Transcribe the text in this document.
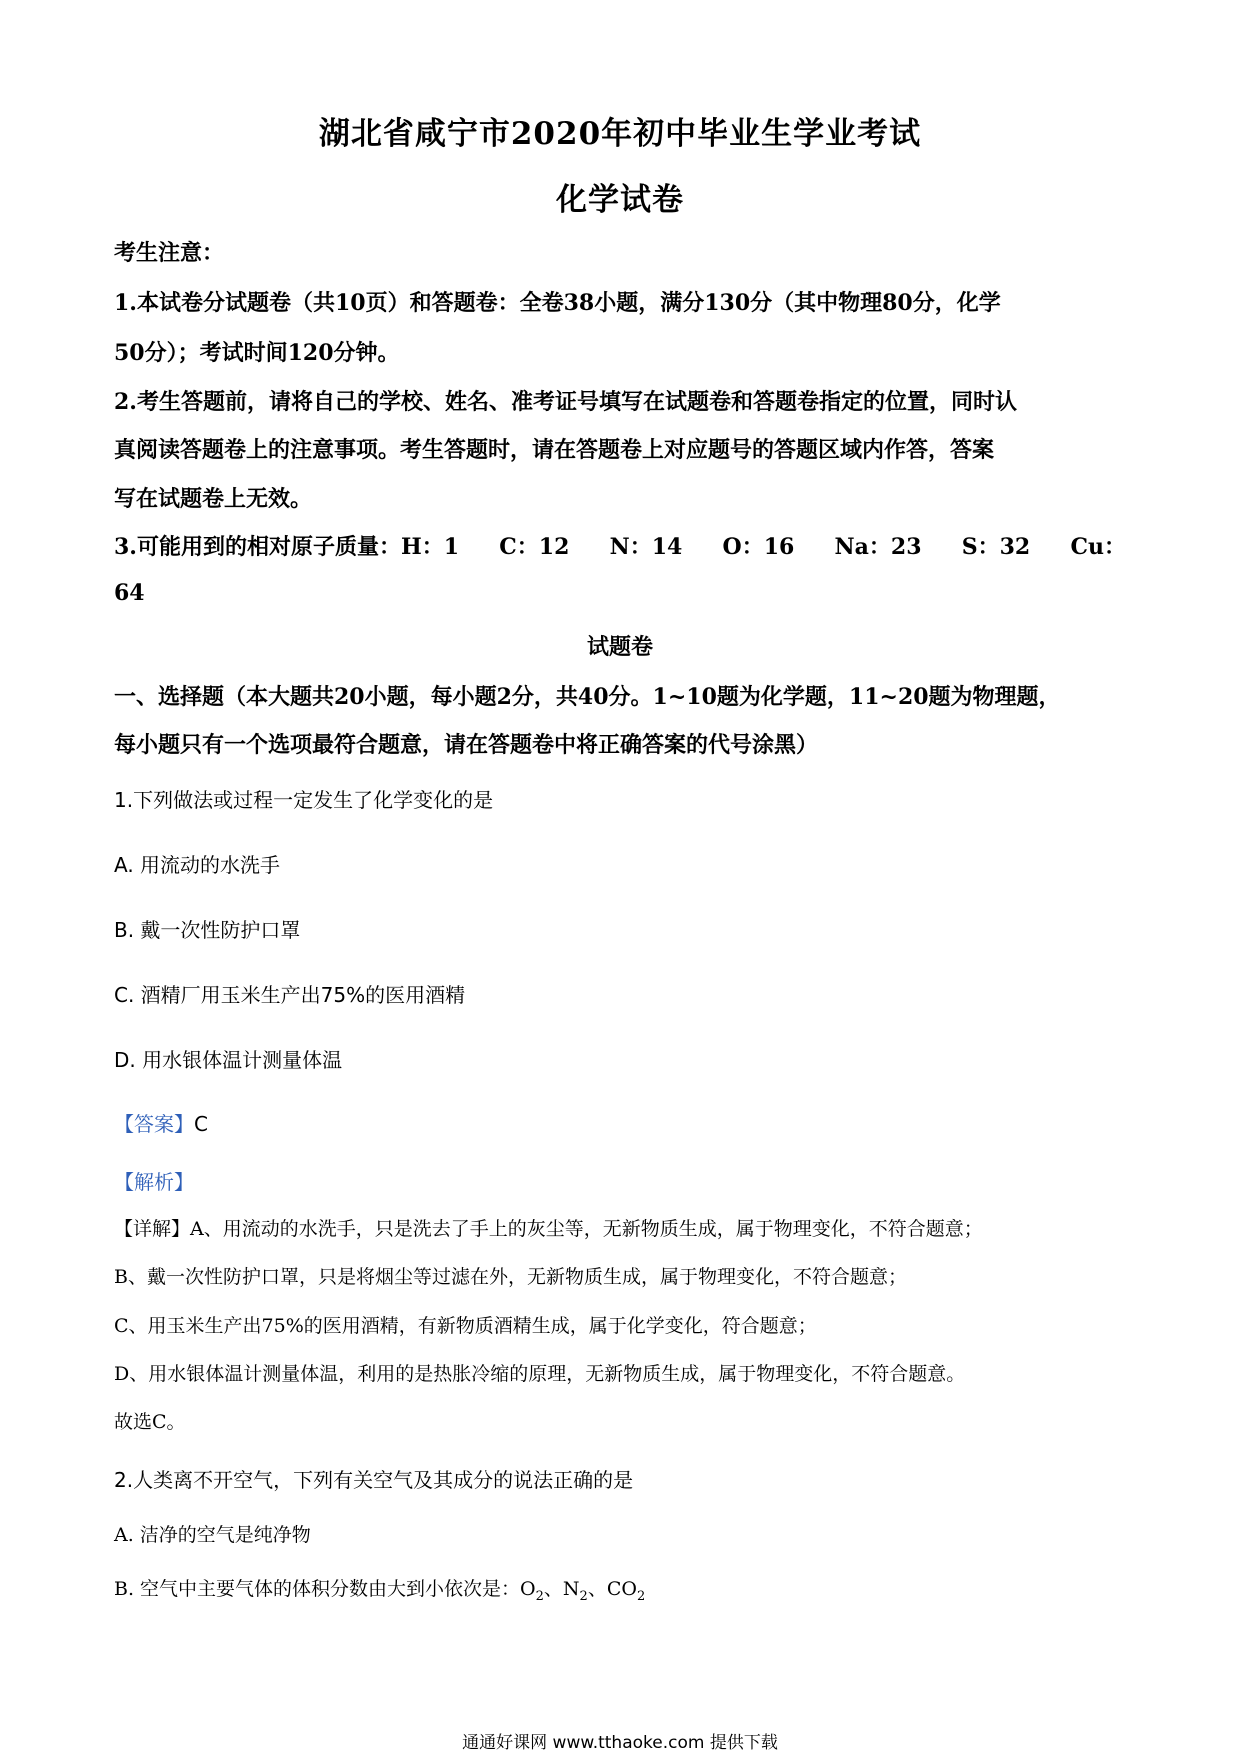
湖北省咸宁市2020年初中毕业生学业考试
化学试卷
考生注意：
1.本试卷分试题卷（共10页）和答题卷：全卷38小题，满分130分（其中物理80分，化学
50分）；考试时间120分钟。
2.考生答题前，请将自己的学校、姓名、准考证号填写在试题卷和答题卷指定的位置，同时认
真阅读答题卷上的注意事项。考生答题时，请在答题卷上对应题号的答题区域内作答，答案
写在试题卷上无效。
3.可能用到的相对原子质量：H：1 C：12 N：14 O：16 Na：23 S：32 Cu：
64
试题卷
一、选择题（本大题共20小题，每小题2分，共40分。1~10题为化学题，11~20题为物理题，
每小题只有一个选项最符合题意，请在答题卷中将正确答案的代号涂黑）
1.下列做法或过程一定发生了化学变化的是
A. 用流动的水洗手
B. 戴一次性防护口罩
C. 酒精厂用玉米生产出75%的医用酒精
D. 用水银体温计测量体温
【答案】C
【解析】
【详解】A、用流动的水洗手，只是洗去了手上的灰尘等，无新物质生成，属于物理变化，不符合题意；
B、戴一次性防护口罩，只是将烟尘等过滤在外，无新物质生成，属于物理变化，不符合题意；
C、用玉米生产出75%的医用酒精，有新物质酒精生成，属于化学变化，符合题意；
D、用水银体温计测量体温，利用的是热胀冷缩的原理，无新物质生成，属于物理变化，不符合题意。
故选C。
2.人类离不开空气，下列有关空气及其成分的说法正确的是
A. 洁净的空气是纯净物
B. 空气中主要气体的体积分数由大到小依次是：$O_2$、$N_2$、$CO_2$
通通好课网 www.tthaoke.com 提供下载
